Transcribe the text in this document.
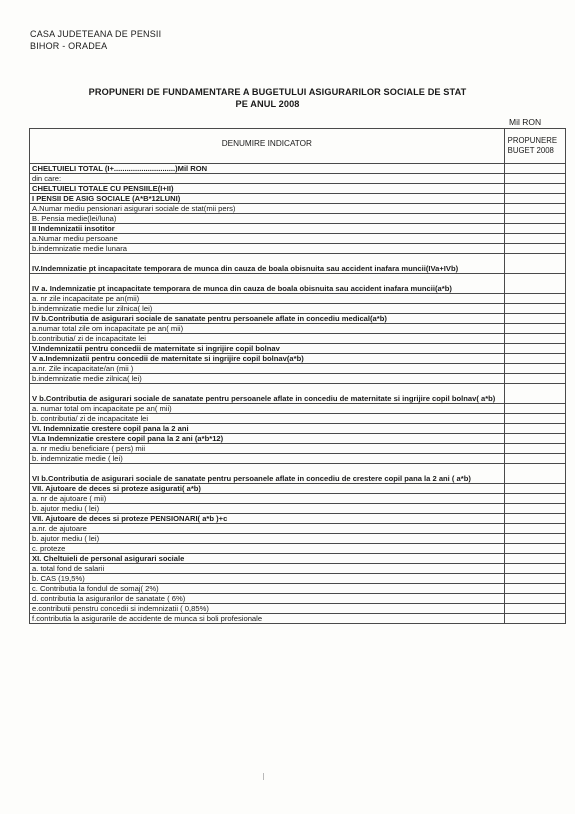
CASA JUDETEANA DE PENSII
BIHOR - ORADEA
PROPUNERI DE FUNDAMENTARE A BUGETULUI ASIGURARILOR SOCIALE DE STAT
PE ANUL 2008
Mil RON
DENUMIRE INDICATOR	PROPUNERE BUGET 2008
CHELTUIELI TOTAL (I+.............................)Mil RON	
din care:	
CHELTUIELI TOTALE CU PENSIILE(I+II)	
I PENSII DE ASIG SOCIALE (A*B*12LUNI)	
A.Numar mediu pensionari asigurari sociale de stat(mii pers)	
B. Pensia medie(lei/luna)	
II Indemnizatii insotitor	
a.Numar mediu persoane	
b.indemnizatie medie lunara	
IV.Indemnizatie pt incapacitate temporara de munca din cauza de boala obisnuita sau accident inafara muncii(IVa+IVb)	
IV a. Indemnizatie pt incapacitate temporara de munca din cauza de boala obisnuita sau accident inafara muncii(a*b)	
a. nr zile incapacitate pe an(mii)	
b.indemnizatie medie lur zilnica( lei)	
IV b.Contributia de asigurari sociale de sanatate pentru persoanele aflate in concediu medical(a*b)	
a.numar total zile om incapacitate pe an( mii)	
b.contributia/ zi de incapacitate lei	
V.Indemnizatii pentru concedii de maternitate si ingrijire copil bolnav	
V a.Indemnizatii pentru concedii de maternitate si ingrijire copil bolnav(a*b)	
a.nr. Zile incapacitate/an (mii )	
b.indemnizatie medie zilnica( lei)	
V b.Contributia de asigurari sociale de sanatate pentru persoanele aflate in concediu de maternitate si ingrijire copil bolnav( a*b)	
a. numar total om incapacitate pe an( mii)	
b. contributia/ zi de incapacitate lei	
VI. Indemnizatie crestere copil pana la 2 ani	
VI.a Indemnizatie crestere copil pana la 2 ani (a*b*12)	
a. nr mediu beneficiare ( pers) mii	
b. indemnizatie medie ( lei)	
VI b.Contributia de asigurari sociale de sanatate pentru persoanele aflate in concediu de crestere copil pana la 2 ani ( a*b)	
VII. Ajutoare de deces si proteze asigurati( a*b)	
a. nr de ajutoare ( mii)	
b. ajutor mediu ( lei)	
VII. Ajutoare de deces si proteze PENSIONARI( a*b )+c	
a.nr. de ajutoare	
b. ajutor mediu ( lei)	
c. proteze	
XI. Cheltuieli de personal asigurari sociale	
a. total fond de salarii	
b. CAS (19,5%)	
c. Contributia la fondul de somaj( 2%)	
d. contributia la asigurarilor de sanatate ( 6%)	
e.contributii penstru concedii si indemnizatii ( 0,85%)	
f.contributia la asigurarile de accidente de munca si boli profesionale	
